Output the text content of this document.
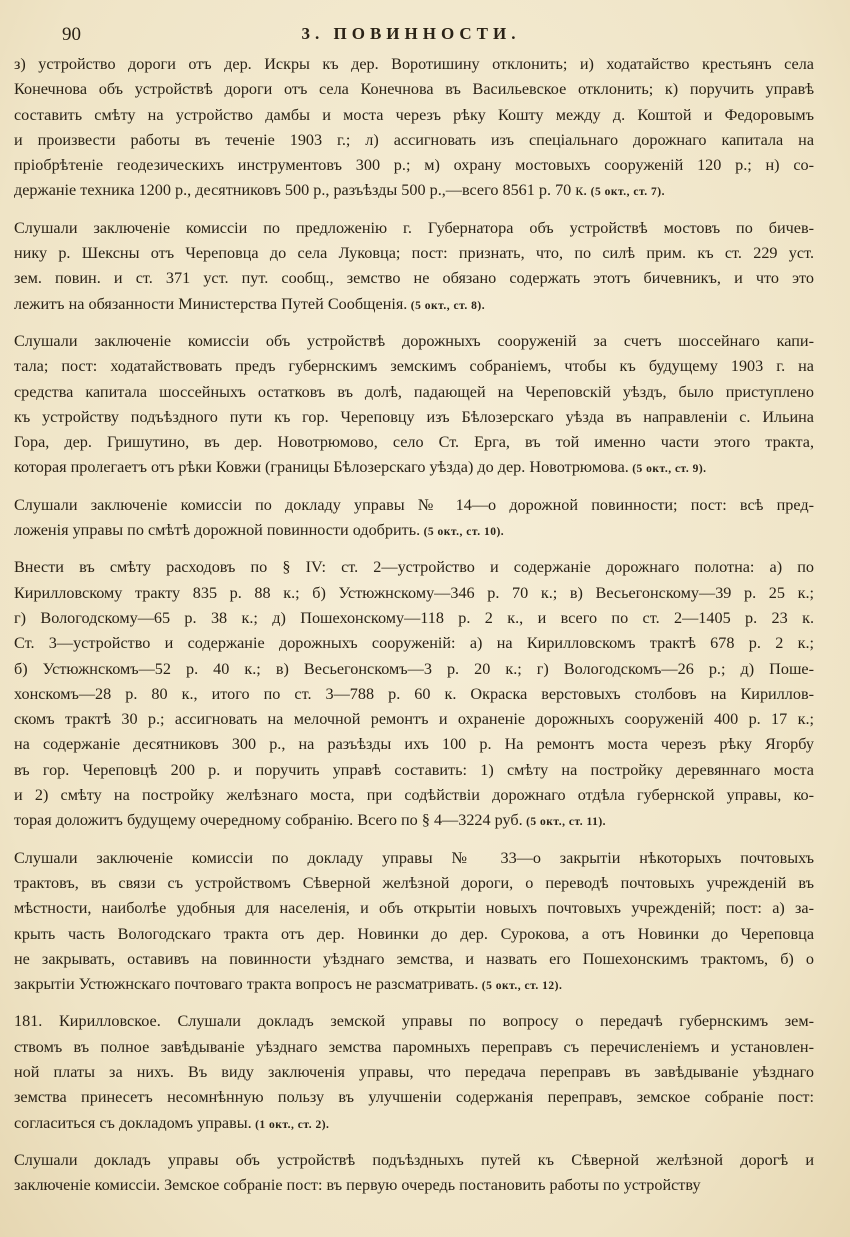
90	3. ПОВИННОСТИ.
з) устройство дороги отъ дер. Искры къ дер. Воротишину отклонить; и) ходатайство крестьянъ села
Конечнова объ устройствѣ дороги отъ села Конечнова въ Васильевское отклонить; к) поручить управѣ
составить смѣту на устройство дамбы и моста черезъ рѣку Кошту между д. Коштой и Федоровымъ
и произвести работы въ теченіе 1903 г.; л) ассигновать изъ спеціальнаго дорожнаго капитала на
пріобрѣтеніе геодезическихъ инструментовъ 300 р.; м) охрану мостовыхъ сооруженій 120 р.; н) со-
держаніе техника 1200 р., десятниковъ 500 р., разъѣзды 500 р.,—всего 8561 р. 70 к. (5 окт., ст. 7).
Слушали заключеніе комиссіи по предложенію г. Губернатора объ устройствѣ мостовъ по бичев-
нику р. Шексны отъ Череповца до села Луковца; пост: признать, что, по силѣ прим. къ ст. 229 уст.
зем. повин. и ст. 371 уст. пут. сообщ., земство не обязано содержать этотъ бичевникъ, и что это
лежитъ на обязанности Министерства Путей Сообщенія. (5 окт., ст. 8).
Слушали заключеніе комиссіи объ устройствѣ дорожныхъ сооруженій за счетъ шоссейнаго капи-
тала; пост: ходатайствовать предъ губернскимъ земскимъ собраніемъ, чтобы къ будущему 1903 г. на
средства капитала шоссейныхъ остатковъ въ долѣ, падающей на Череповскій уѣздъ, было приступлено
къ устройству подъѣздного пути къ гор. Череповцу изъ Бѣлозерскаго уѣзда въ направленіи с. Ильина
Гора, дер. Гришутино, въ дер. Новотрюмово, село Ст. Ерга, въ той именно части этого тракта,
которая пролегаетъ отъ рѣки Ковжи (границы Бѣлозерскаго уѣзда) до дер. Новотрюмова. (5 окт., ст. 9).
Слушали заключеніе комиссіи по докладу управы № 14—о дорожной повинности; пост: всѣ пред-
ложенія управы по смѣтѣ дорожной повинности одобрить. (5 окт., ст. 10).
Внести въ смѣту расходовъ по § IV: ст. 2—устройство и содержаніе дорожнаго полотна: а) по
Кирилловскому тракту 835 р. 88 к.; б) Устюжнскому—346 р. 70 к.; в) Весьегонскому—39 р. 25 к.;
г) Вологодскому—65 р. 38 к.; д) Пошехонскому—118 р. 2 к., и всего по ст. 2—1405 р. 23 к.
Ст. 3—устройство и содержаніе дорожныхъ сооруженій: а) на Кирилловскомъ трактѣ 678 р. 2 к.;
б) Устюжнскомъ—52 р. 40 к.; в) Весьегонскомъ—3 р. 20 к.; г) Вологодскомъ—26 р.; д) Поше-
хонскомъ—28 р. 80 к., итого по ст. 3—788 р. 60 к. Окраска верстовыхъ столбовъ на Кириллов-
скомъ трактѣ 30 р.; ассигновать на мелочной ремонтъ и охраненіе дорожныхъ сооруженій 400 р. 17 к.;
на содержаніе десятниковъ 300 р., на разъѣзды ихъ 100 р. На ремонтъ моста черезъ рѣку Ягорбу
въ гор. Череповцѣ 200 р. и поручить управѣ составить: 1) смѣту на постройку деревяннаго моста
и 2) смѣту на постройку желѣзнаго моста, при содѣйствіи дорожнаго отдѣла губернской управы, ко-
торая доложитъ будущему очередному собранію. Всего по § 4—3224 руб. (5 окт., ст. 11).
Слушали заключеніе комиссіи по докладу управы № 33—о закрытіи нѣкоторыхъ почтовыхъ
трактовъ, въ связи съ устройствомъ Сѣверной желѣзной дороги, о переводѣ почтовыхъ учрежденій въ
мѣстности, наиболѣе удобныя для населенія, и объ открытіи новыхъ почтовыхъ учрежденій; пост: а) за-
крыть часть Вологодскаго тракта отъ дер. Новинки до дер. Сурокова, а отъ Новинки до Череповца
не закрывать, оставивъ на повинности уѣзднаго земства, и назвать его Пошехонскимъ трактомъ, б) о
закрытіи Устюжнскаго почтоваго тракта вопросъ не разсматривать. (5 окт., ст. 12).
181. Кирилловское. Слушали докладъ земской управы по вопросу о передачѣ губернскимъ зем-
ствомъ въ полное завѣдываніе уѣзднаго земства паромныхъ переправъ съ перечисленіемъ и установлен-
ной платы за нихъ. Въ виду заключенія управы, что передача переправъ въ завѣдываніе уѣзднаго
земства принесетъ несомнѣнную пользу въ улучшеніи содержанія переправъ, земское собраніе пост:
согласиться съ докладомъ управы. (1 окт., ст. 2).
Слушали докладъ управы объ устройствѣ подъѣздныхъ путей къ Сѣверной желѣзной дорогѣ и
заключеніе комиссіи. Земское собраніе пост: въ первую очередь постановить работы по устройству
